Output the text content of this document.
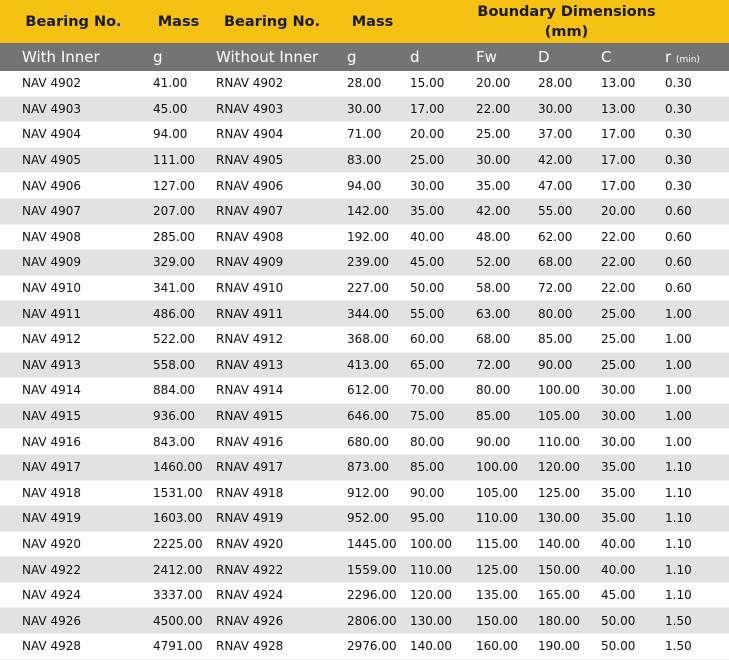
Bearing No.	Mass	Bearing No.	Mass	Boundary Dimensions
(mm)				

With Inner	g	Without Inner	g	d	Fw	D	C	r (min)
NAV 4902	41.00	RNAV 4902	28.00	15.00	20.00	28.00	13.00	0.30
NAV 4903	45.00	RNAV 4903	30.00	17.00	22.00	30.00	13.00	0.30
NAV 4904	94.00	RNAV 4904	71.00	20.00	25.00	37.00	17.00	0.30
NAV 4905	111.00	RNAV 4905	83.00	25.00	30.00	42.00	17.00	0.30
NAV 4906	127.00	RNAV 4906	94.00	30.00	35.00	47.00	17.00	0.30
NAV 4907	207.00	RNAV 4907	142.00	35.00	42.00	55.00	20.00	0.60
NAV 4908	285.00	RNAV 4908	192.00	40.00	48.00	62.00	22.00	0.60
NAV 4909	329.00	RNAV 4909	239.00	45.00	52.00	68.00	22.00	0.60
NAV 4910	341.00	RNAV 4910	227.00	50.00	58.00	72.00	22.00	0.60
NAV 4911	486.00	RNAV 4911	344.00	55.00	63.00	80.00	25.00	1.00
NAV 4912	522.00	RNAV 4912	368.00	60.00	68.00	85.00	25.00	1.00
NAV 4913	558.00	RNAV 4913	413.00	65.00	72.00	90.00	25.00	1.00
NAV 4914	884.00	RNAV 4914	612.00	70.00	80.00	100.00	30.00	1.00
NAV 4915	936.00	RNAV 4915	646.00	75.00	85.00	105.00	30.00	1.00
NAV 4916	843.00	RNAV 4916	680.00	80.00	90.00	110.00	30.00	1.00
NAV 4917	1460.00	RNAV 4917	873.00	85.00	100.00	120.00	35.00	1.10
NAV 4918	1531.00	RNAV 4918	912.00	90.00	105.00	125.00	35.00	1.10
NAV 4919	1603.00	RNAV 4919	952.00	95.00	110.00	130.00	35.00	1.10
NAV 4920	2225.00	RNAV 4920	1445.00	100.00	115.00	140.00	40.00	1.10
NAV 4922	2412.00	RNAV 4922	1559.00	110.00	125.00	150.00	40.00	1.10
NAV 4924	3337.00	RNAV 4924	2296.00	120.00	135.00	165.00	45.00	1.10
NAV 4926	4500.00	RNAV 4926	2806.00	130.00	150.00	180.00	50.00	1.50
NAV 4928	4791.00	RNAV 4928	2976.00	140.00	160.00	190.00	50.00	1.50
